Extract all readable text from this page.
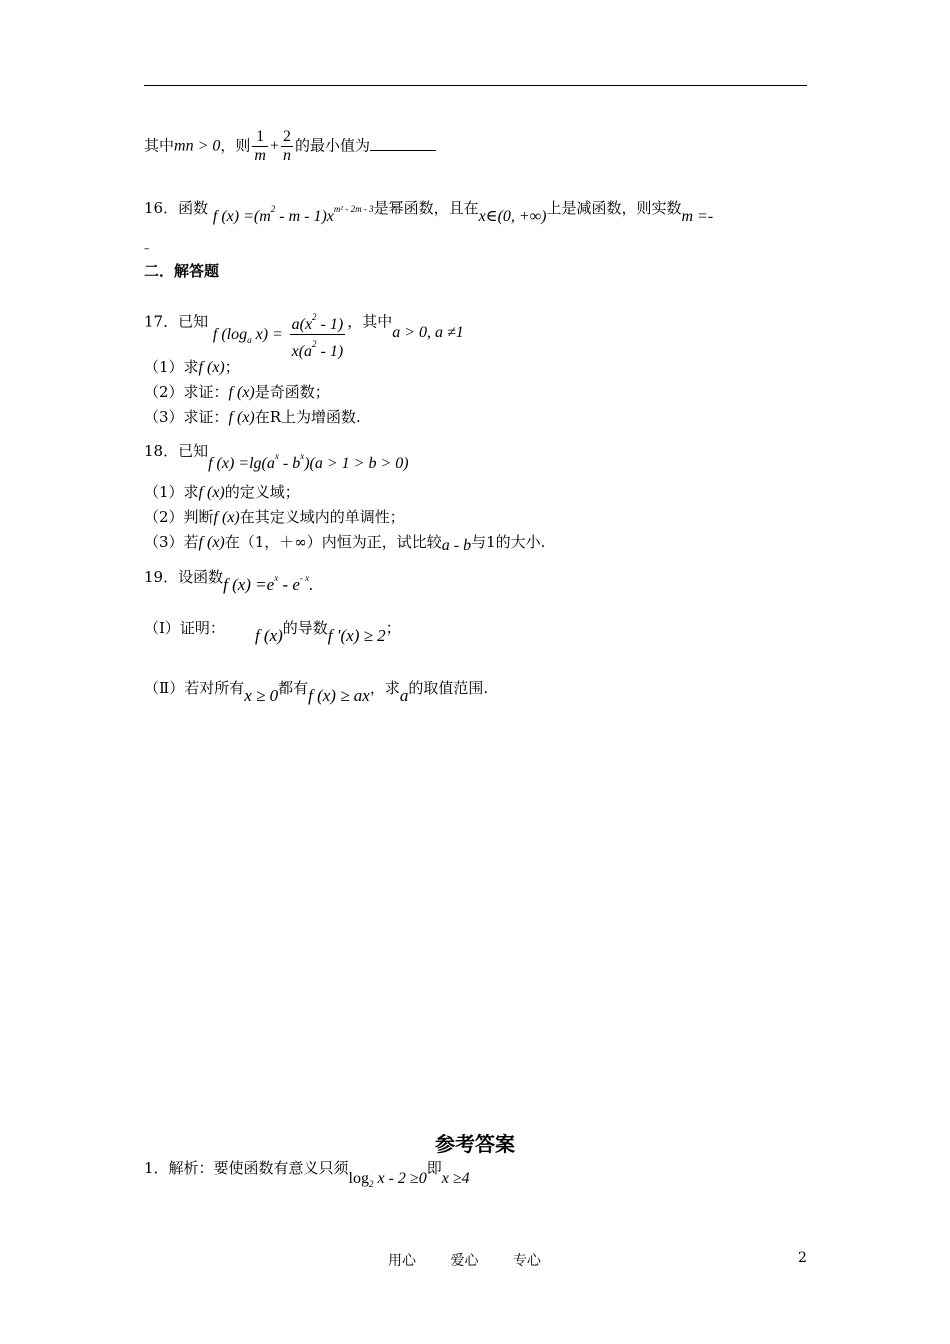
其中mn > 0，则 $\frac{1}{m} + \frac{2}{n}$ 的最小值为
16．函数 f $(x) =(m^2 - m - 1)x^{m^2 - 2m - 3}$是幂函数，且在x∈(0, +∞)上是减函数，则实数m =-
–
二．解答题
17．已知 f ($\log_a$ $x) = \frac{a(x^2 - 1)}{x(a^2 - 1)}$ ，其中a > 0, a ≠1
（1）求f (x)；
（2）求证：f (x)是奇函数；
（3）求证：f (x)在R上为增函数.
18．已知f $(x) =\lg(a^x - b^x)(a > 1 > b > 0)$
（1）求f (x)的定义域；
（2）判断f (x)在其定义域内的单调性；
（3）若f (x)在（1，＋∞）内恒为正，试比较a - b与1的大小.
19．设函数f $(x) =e^x - e^{- x}$.
（Ⅰ）证明： f (x)的导数f ′(x) ≥ 2；
（Ⅱ）若对所有x ≥ 0都有f (x) ≥ ax，求a的取值范围.
参考答案
1．解析：要使函数有意义只须$\log_2 x - 2 \ge 0$即x ≥4
用心 爱心 专心	2
